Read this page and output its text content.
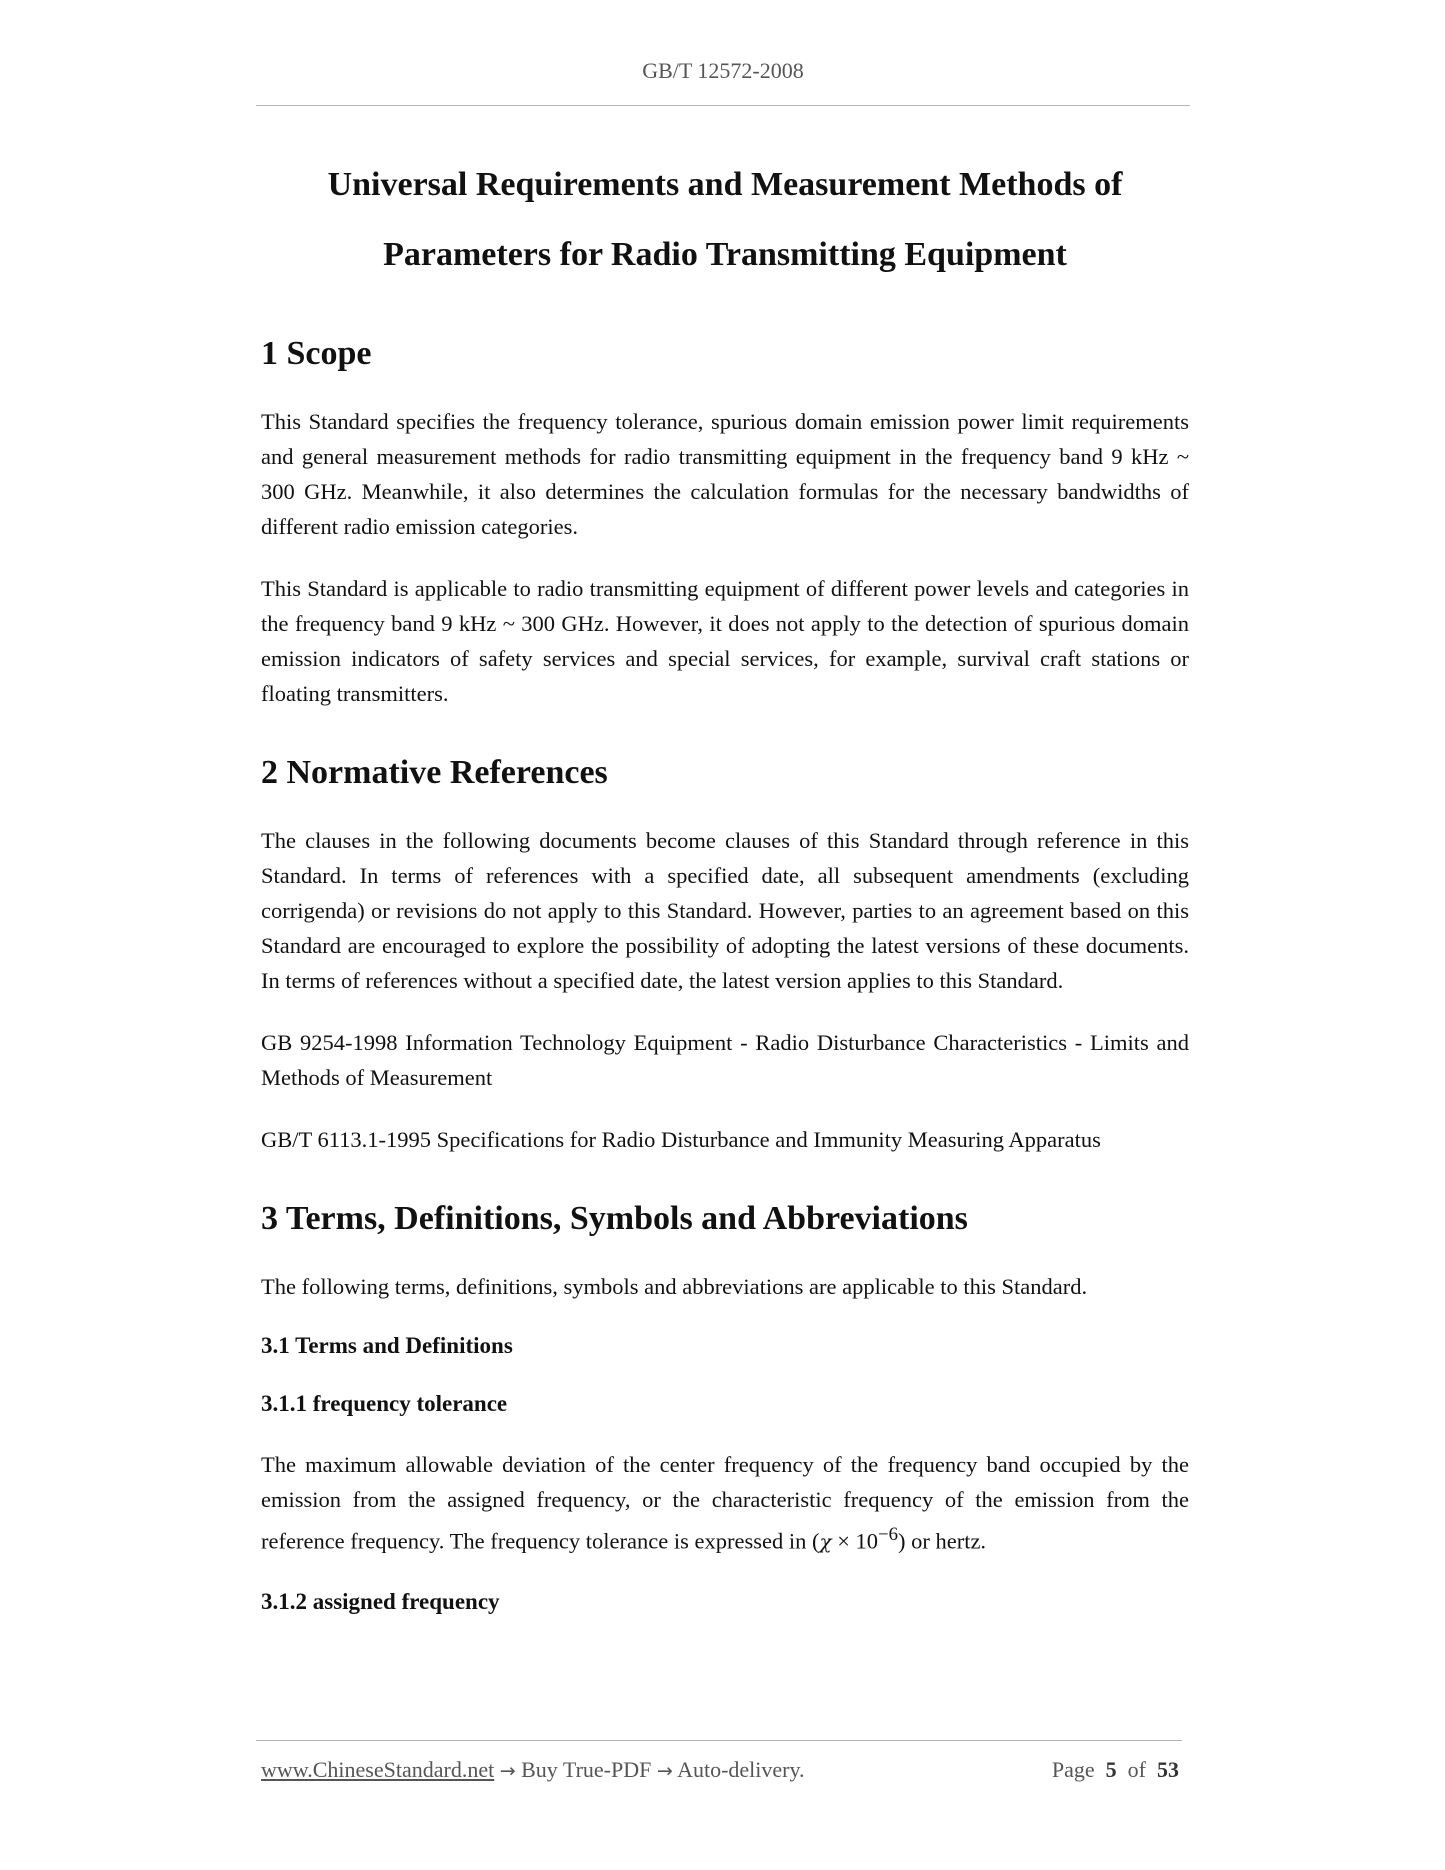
GB/T 12572-2008
Universal Requirements and Measurement Methods of
Parameters for Radio Transmitting Equipment
1 Scope

This Standard specifies the frequency tolerance, spurious domain emission power limit requirements and general measurement methods for radio transmitting equipment in the frequency band 9 kHz ~ 300 GHz. Meanwhile, it also determines the calculation formulas for the necessary bandwidths of different radio emission categories.

This Standard is applicable to radio transmitting equipment of different power levels and categories in the frequency band 9 kHz ~ 300 GHz. However, it does not apply to the detection of spurious domain emission indicators of safety services and special services, for example, survival craft stations or floating transmitters.

2 Normative References

The clauses in the following documents become clauses of this Standard through reference in this Standard. In terms of references with a specified date, all subsequent amendments (excluding corrigenda) or revisions do not apply to this Standard. However, parties to an agreement based on this Standard are encouraged to explore the possibility of adopting the latest versions of these documents. In terms of references without a specified date, the latest version applies to this Standard.

GB 9254-1998 Information Technology Equipment - Radio Disturbance Characteristics - Limits and Methods of Measurement

GB/T 6113.1-1995 Specifications for Radio Disturbance and Immunity Measuring Apparatus

3 Terms, Definitions, Symbols and Abbreviations

The following terms, definitions, symbols and abbreviations are applicable to this Standard.

3.1 Terms and Definitions
3.1.1 frequency tolerance

The maximum allowable deviation of the center frequency of the frequency band occupied by the emission from the assigned frequency, or the characteristic frequency of the emission from the reference frequency. The frequency tolerance is expressed in $(\chi \times 10^{-6})$ or hertz.

3.1.2 assigned frequency
www.ChineseStandard.net → Buy True-PDF → Auto-delivery.	Page 5 of 53
